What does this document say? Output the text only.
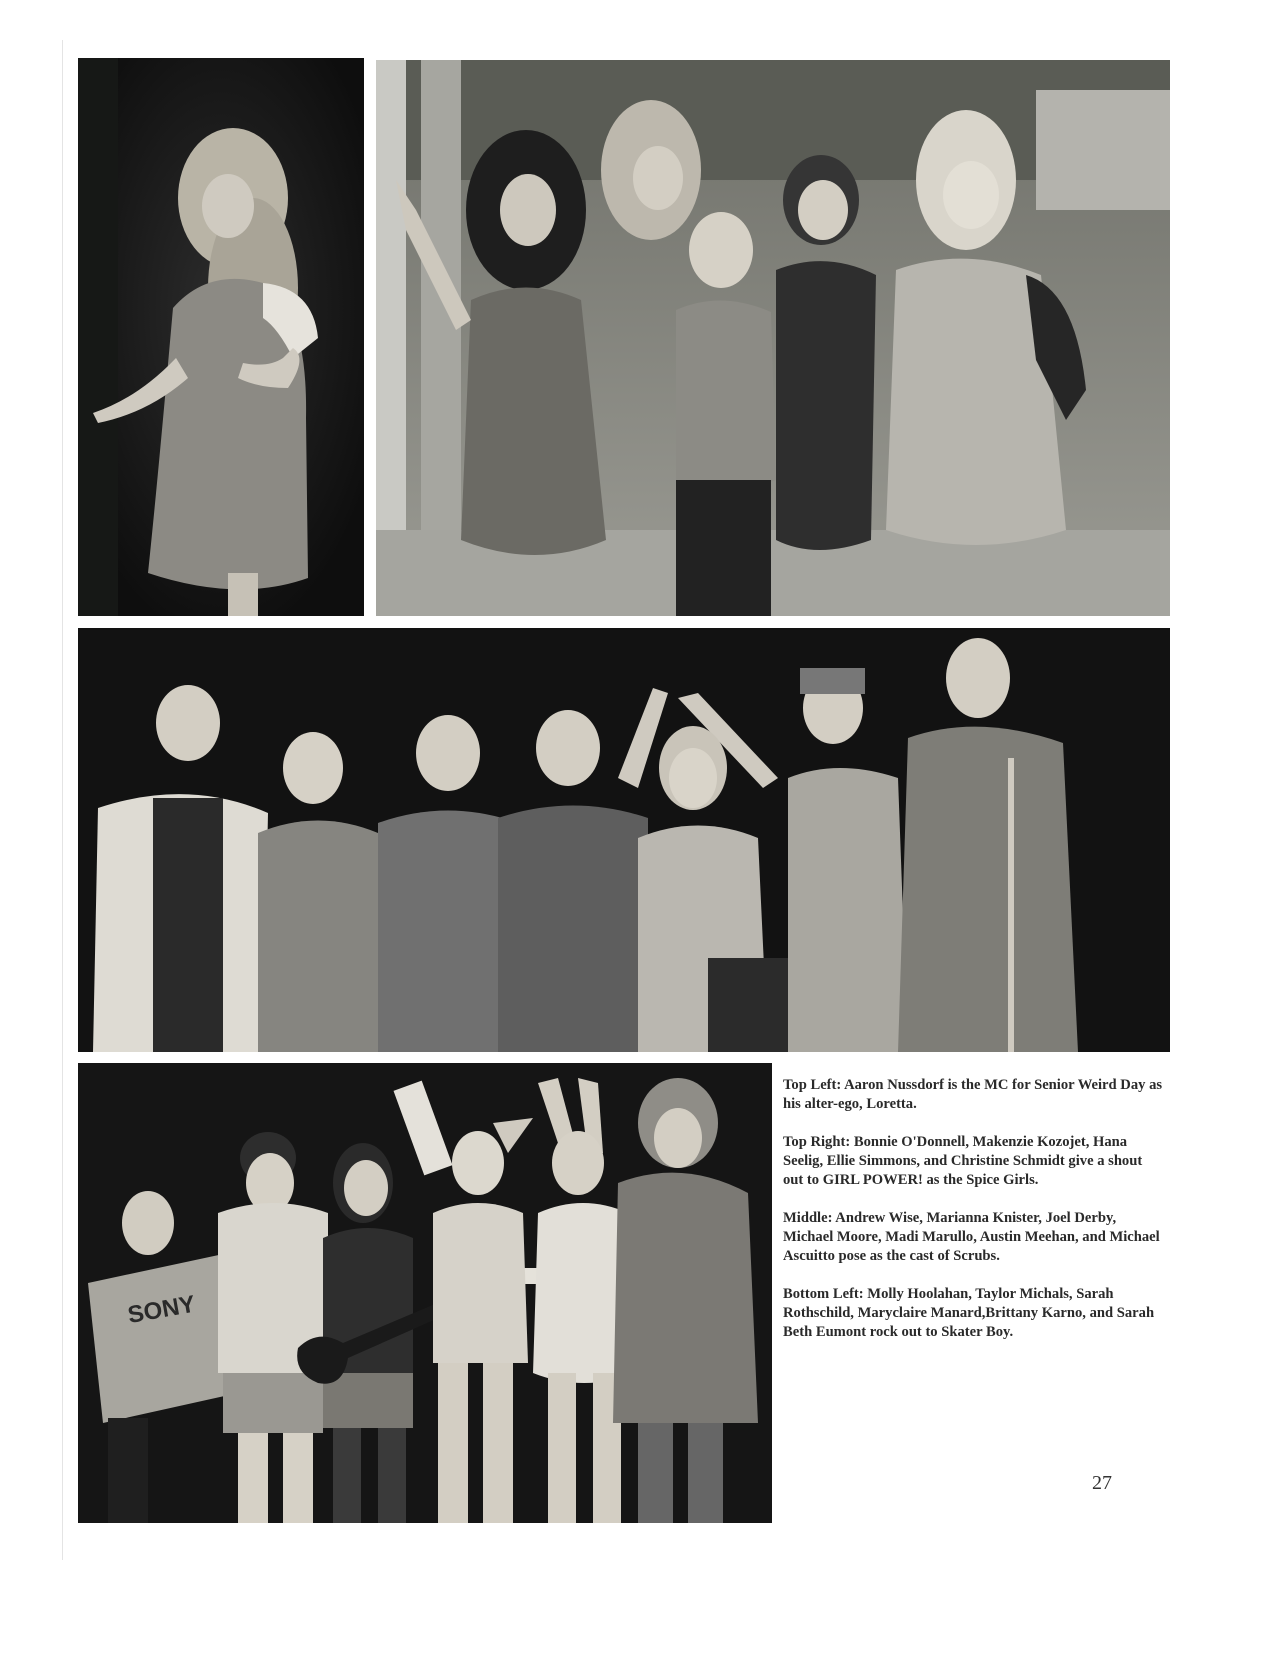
SONY

Top Left: Aaron Nussdorf is the MC for Senior Weird Day as his alter-ego, Loretta.

Top Right: Bonnie O'Donnell, Makenzie Kozojet, Hana Seelig, Ellie Simmons, and Christine Schmidt give a shout out to GIRL POWER! as the Spice Girls.

Middle: Andrew Wise, Marianna Knister, Joel Derby, Michael Moore, Madi Marullo, Austin Meehan, and Michael Ascuitto pose as the cast of Scrubs.

Bottom Left: Molly Hoolahan, Taylor Michals, Sarah Rothschild, Maryclaire Manard,Brittany Karno, and Sarah Beth Eumont rock out to Skater Boy.

27
